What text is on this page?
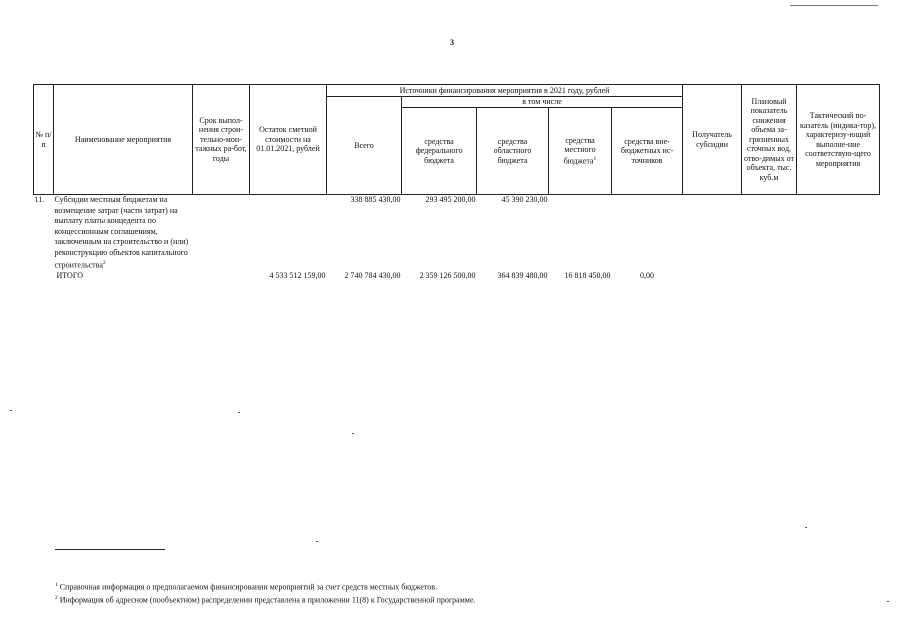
3
№ п/п	Наименование мероприятия	Срок выпол-нения строи-тельно-мон-тажных ра-бот, годы	Остаток сметной стоимости на 01.01.2021, рублей	Источники финансирования мероприятия в 2021 году, рублей					Получатель субсидии	Плановый показатель снижения объема за-грязненных сточных вод, отво-димых от объекта, тыс. куб.м	Тактический по-казатель (индика-тор), характеризу-ющий выполне-ние соответствую-щего мероприятия
				Всего	в том числе						
					средства федерального бюджета	средства областного бюджета	средства местного бюджета$^1$	средства вне-бюджетных ис-точников			
11.	Субсидии местным бюджетам на возмещение затрат (части затрат) на выплату платы концедента по концессионным соглашениям, заключенным на строительство и (или) реконструкцию объектов капитального строительства$^2$			338 885 430,00	293 495 200,00	45 390 230,00					
	ИТОГО		4 533 512 159,00	2 740 784 430,00	2 359 126 500,00	364 839 480,00	16 818 450,00	0,00			
$^1$ Справочная информация о предполагаемом финансировании мероприятий за счет средств местных бюджетов.
$^2$ Информация об адресном (пообъектном) распределении представлена в приложении 11(8) к Государственной программе.
